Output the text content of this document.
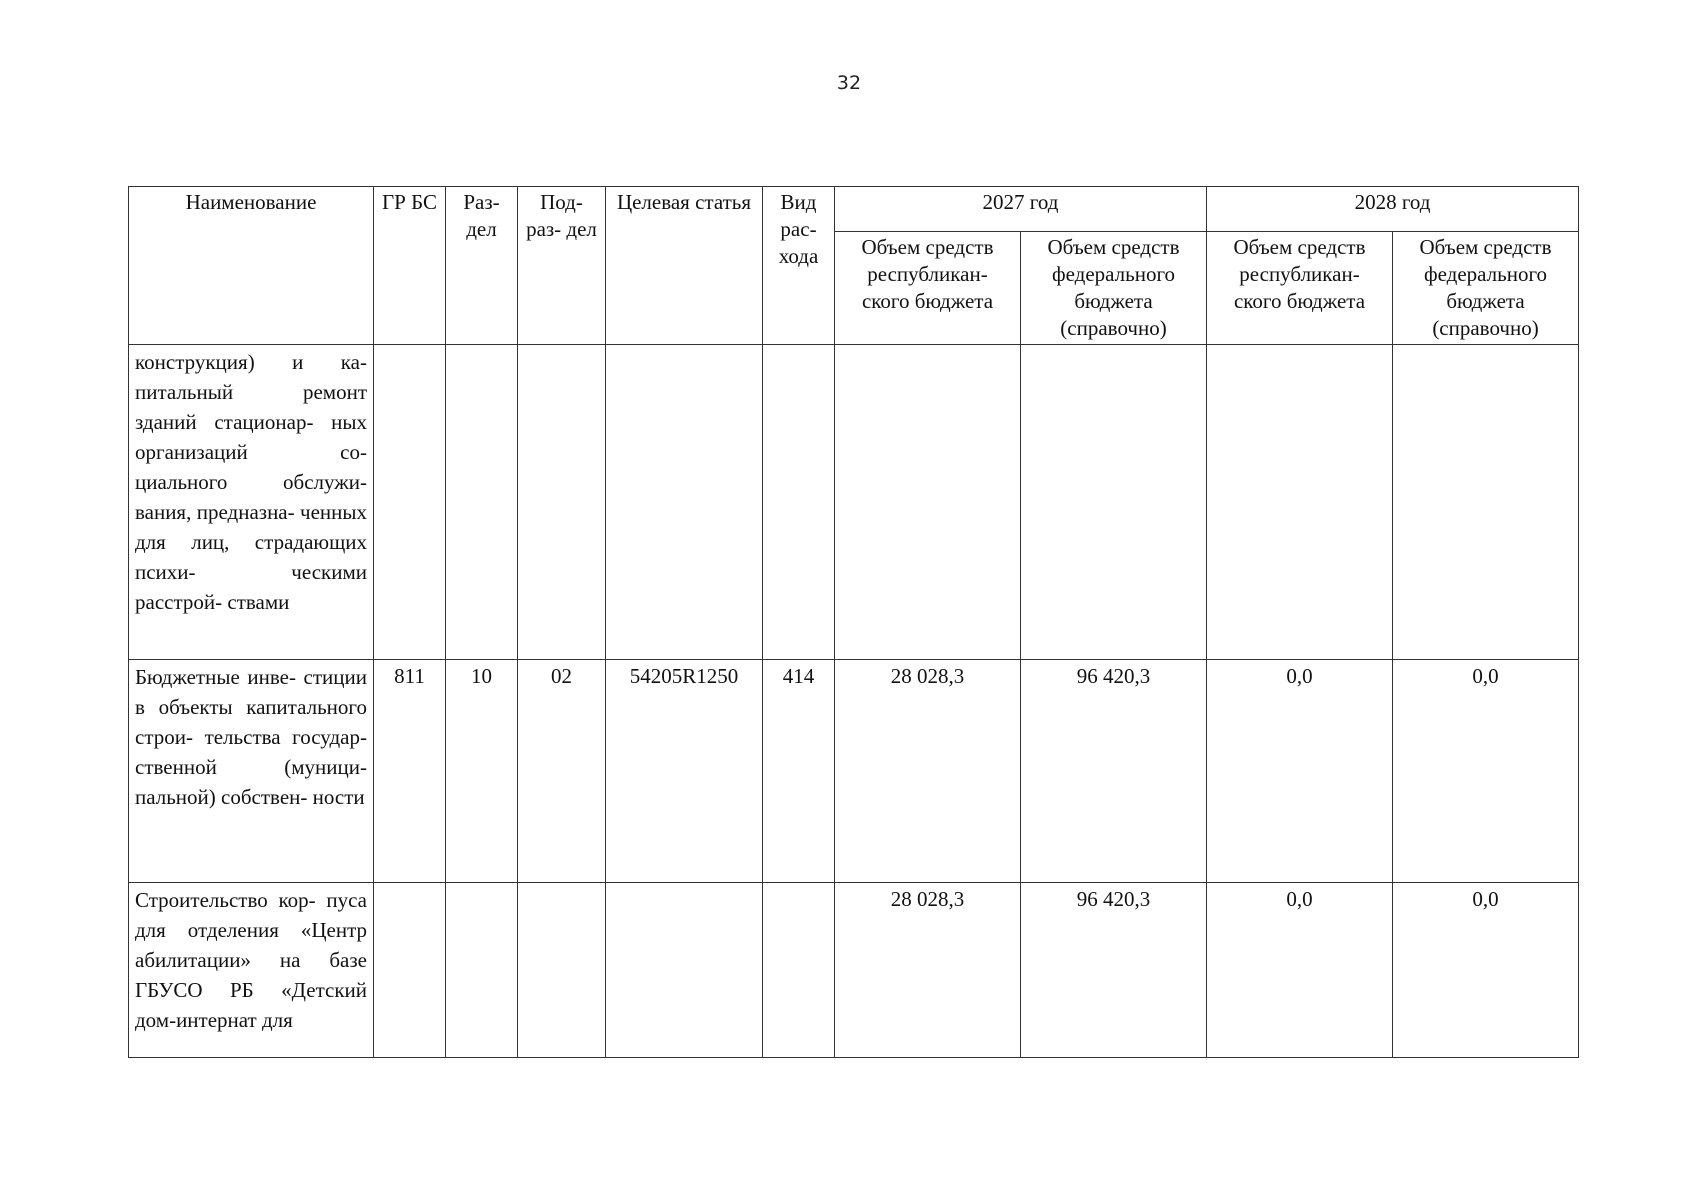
32
Наименование	ГР БС	Раз- дел	Под- раз- дел	Целевая статья	Вид рас- хода	2027 год		2028 год	
						Объем средств республикан- ского бюджета	Объем средств федерального бюджета (справочно)	Объем средств республикан- ского бюджета	Объем средств федерального бюджета (справочно)
конструкция) и ка- питальный ремонт зданий стационар- ных организаций со- циального обслужи- вания, предназна- ченных для лиц, страдающих психи- ческими расстрой- ствами									
Бюджетные инве- стиции в объекты капитального строи- тельства государ- ственной (муници- пальной) собствен- ности	811	10	02	54205R1250	414	28 028,3	96 420,3	0,0	0,0
Строительство кор- пуса для отделения «Центр абилитации» на базе ГБУСО РБ «Детский дом-интернат для						28 028,3	96 420,3	0,0	0,0
